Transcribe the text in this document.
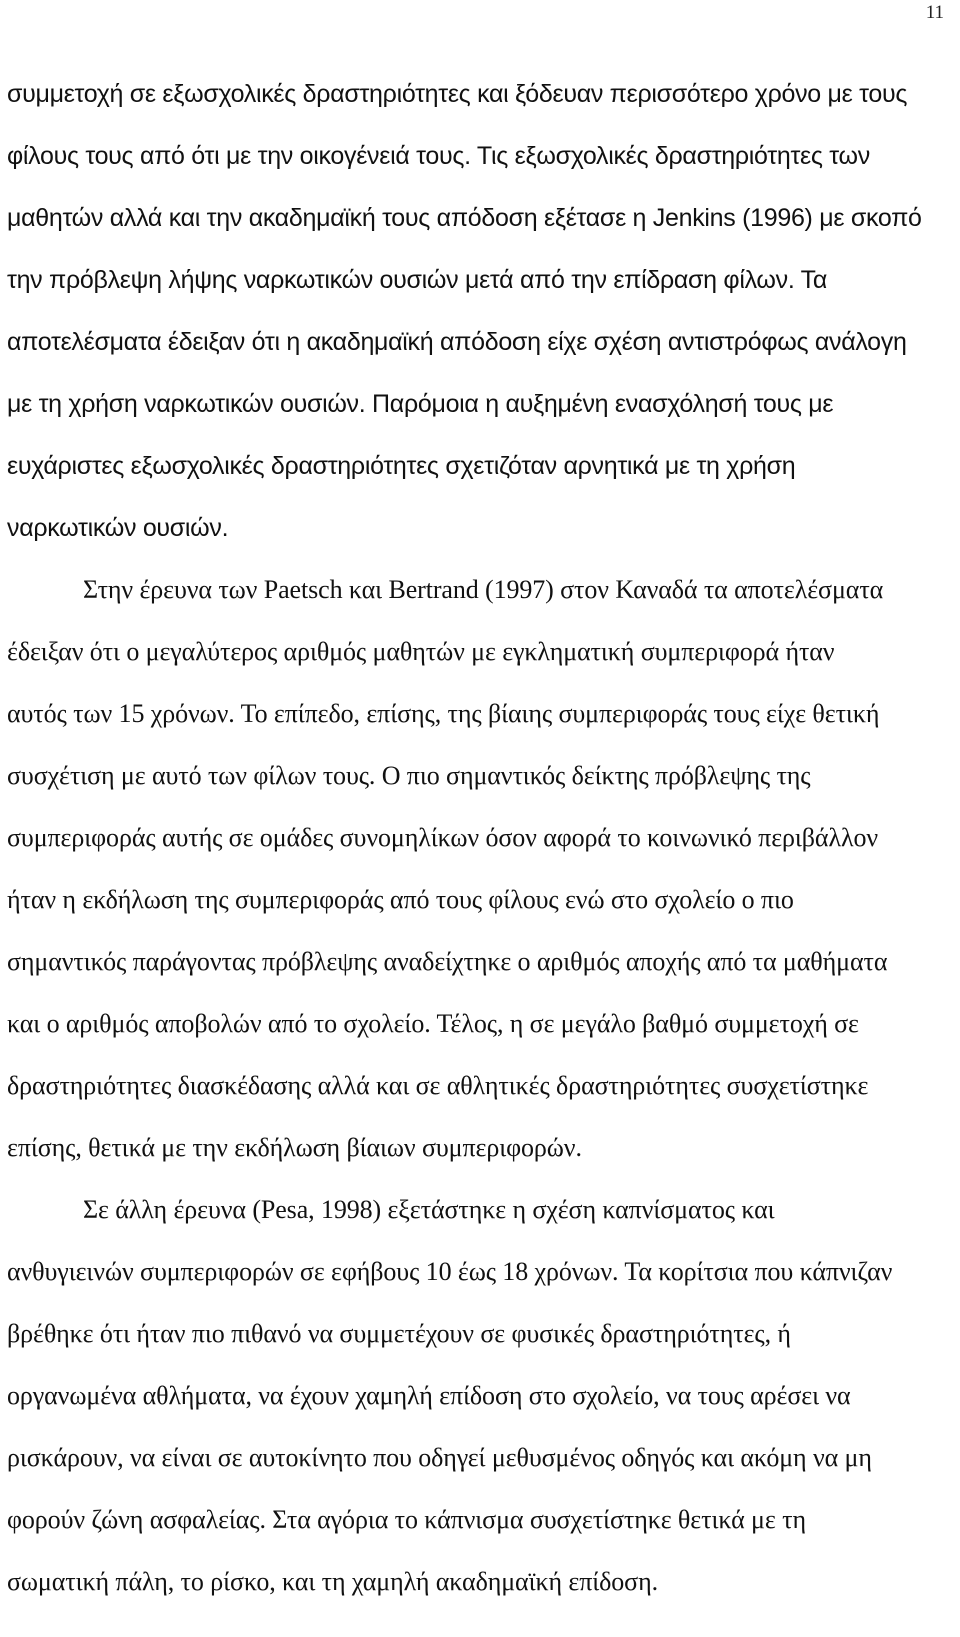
11
συμμετοχή σε εξωσχολικές δραστηριότητες και ξόδευαν περισσότερο χρόνο με τους
φίλους τους από ότι με την οικογένειά τους. Τις εξωσχολικές δραστηριότητες των
μαθητών αλλά και την ακαδημαϊκή τους απόδοση εξέτασε η Jenkins (1996) με σκοπό
την πρόβλεψη λήψης ναρκωτικών ουσιών μετά από την επίδραση φίλων. Τα
αποτελέσματα έδειξαν ότι η ακαδημαϊκή απόδοση είχε σχέση αντιστρόφως ανάλογη
με τη χρήση ναρκωτικών ουσιών. Παρόμοια η αυξημένη ενασχόλησή τους με
ευχάριστες εξωσχολικές δραστηριότητες σχετιζόταν αρνητικά με τη χρήση
ναρκωτικών ουσιών.
Στην έρευνα των Paetsch και Bertrand (1997) στον Καναδά τα αποτελέσματα
έδειξαν ότι ο μεγαλύτερος αριθμός μαθητών με εγκληματική συμπεριφορά ήταν
αυτός των 15 χρόνων. Το επίπεδο, επίσης, της βίαιης συμπεριφοράς τους είχε θετική
συσχέτιση με αυτό των φίλων τους. Ο πιο σημαντικός δείκτης πρόβλεψης της
συμπεριφοράς αυτής σε ομάδες συνομηλίκων όσον αφορά το κοινωνικό περιβάλλον
ήταν η εκδήλωση της συμπεριφοράς από τους φίλους ενώ στο σχολείο ο πιο
σημαντικός παράγοντας πρόβλεψης αναδείχτηκε ο αριθμός αποχής από τα μαθήματα
και ο αριθμός αποβολών από το σχολείο. Τέλος, η σε μεγάλο βαθμό συμμετοχή σε
δραστηριότητες διασκέδασης αλλά και σε αθλητικές δραστηριότητες συσχετίστηκε
επίσης, θετικά με την εκδήλωση βίαιων συμπεριφορών.
Σε άλλη έρευνα (Pesa, 1998) εξετάστηκε η σχέση καπνίσματος και
ανθυγιεινών συμπεριφορών σε εφήβους 10 έως 18 χρόνων. Τα κορίτσια που κάπνιζαν
βρέθηκε ότι ήταν πιο πιθανό να συμμετέχουν σε φυσικές δραστηριότητες, ή
οργανωμένα αθλήματα, να έχουν χαμηλή επίδοση στο σχολείο, να τους αρέσει να
ρισκάρουν, να είναι σε αυτοκίνητο που οδηγεί μεθυσμένος οδηγός και ακόμη να μη
φορούν ζώνη ασφαλείας. Στα αγόρια το κάπνισμα συσχετίστηκε θετικά με τη
σωματική πάλη, το ρίσκο, και τη χαμηλή ακαδημαϊκή επίδοση.
